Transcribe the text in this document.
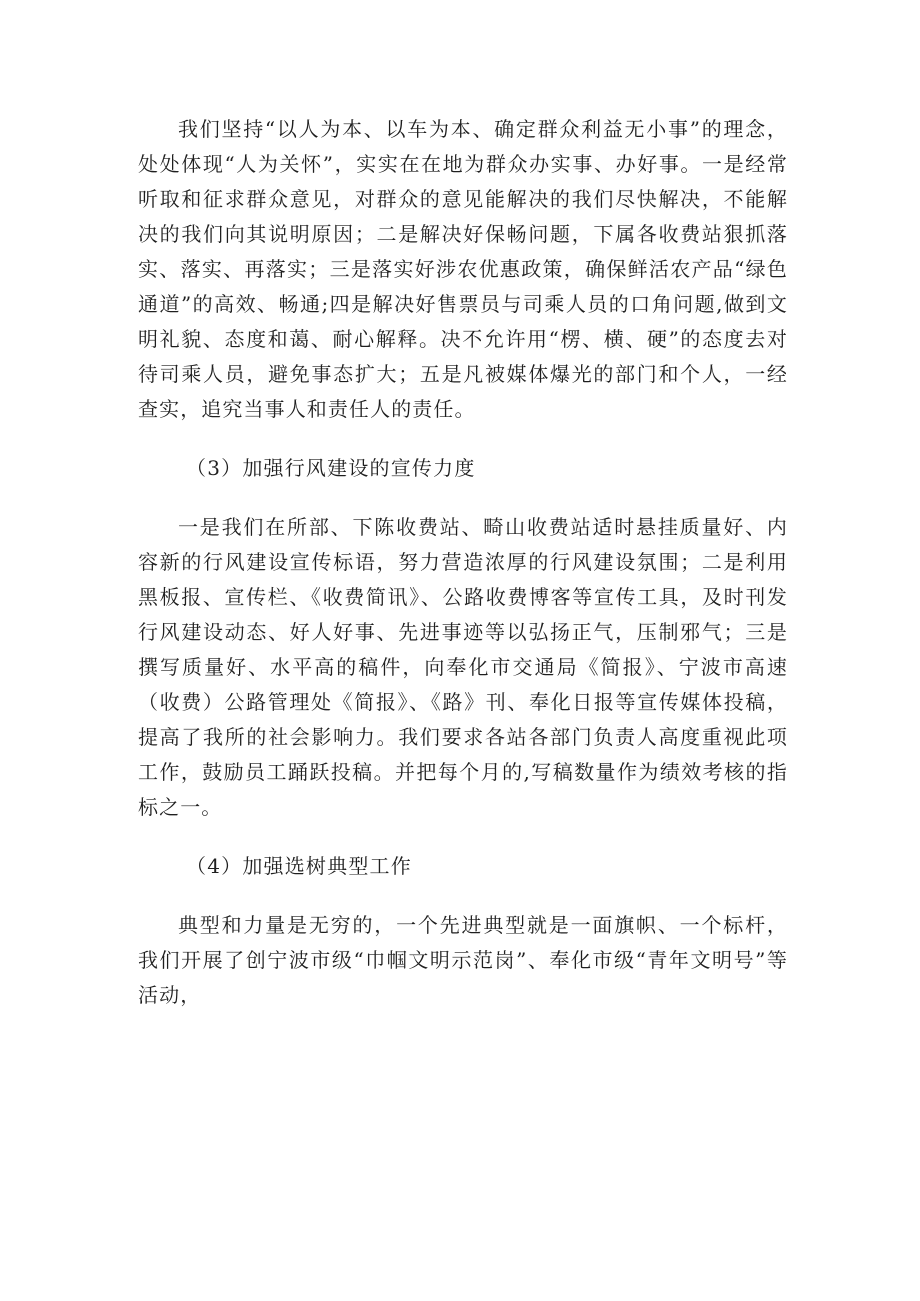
我们坚持“以人为本、以车为本、确定群众利益无小事”的理念，处处体现“人为关怀”，实实在在地为群众办实事、办好事。一是经常听取和征求群众意见，对群众的意见能解决的我们尽快解决，不能解决的我们向其说明原因；二是解决好保畅问题，下属各收费站狠抓落实、落实、再落实；三是落实好涉农优惠政策，确保鲜活农产品“绿色通道”的高效、畅通;四是解决好售票员与司乘人员的口角问题,做到文明礼貌、态度和蔼、耐心解释。决不允许用“楞、横、硬”的态度去对待司乘人员，避免事态扩大；五是凡被媒体爆光的部门和个人，一经查实，追究当事人和责任人的责任。

（3）加强行风建设的宣传力度

一是我们在所部、下陈收费站、畸山收费站适时悬挂质量好、内容新的行风建设宣传标语，努力营造浓厚的行风建设氛围；二是利用黑板报、宣传栏、《收费简讯》、公路收费博客等宣传工具，及时刊发行风建设动态、好人好事、先进事迹等以弘扬正气，压制邪气；三是撰写质量好、水平高的稿件，向奉化市交通局《简报》、宁波市高速（收费）公路管理处《简报》、《路》刊、奉化日报等宣传媒体投稿，提高了我所的社会影响力。我们要求各站各部门负责人高度重视此项工作，鼓励员工踊跃投稿。并把每个月的,写稿数量作为绩效考核的指标之一。

（4）加强选树典型工作

典型和力量是无穷的，一个先进典型就是一面旗帜、一个标杆，我们开展了创宁波市级“巾帼文明示范岗”、奉化市级“青年文明号”等活动，
